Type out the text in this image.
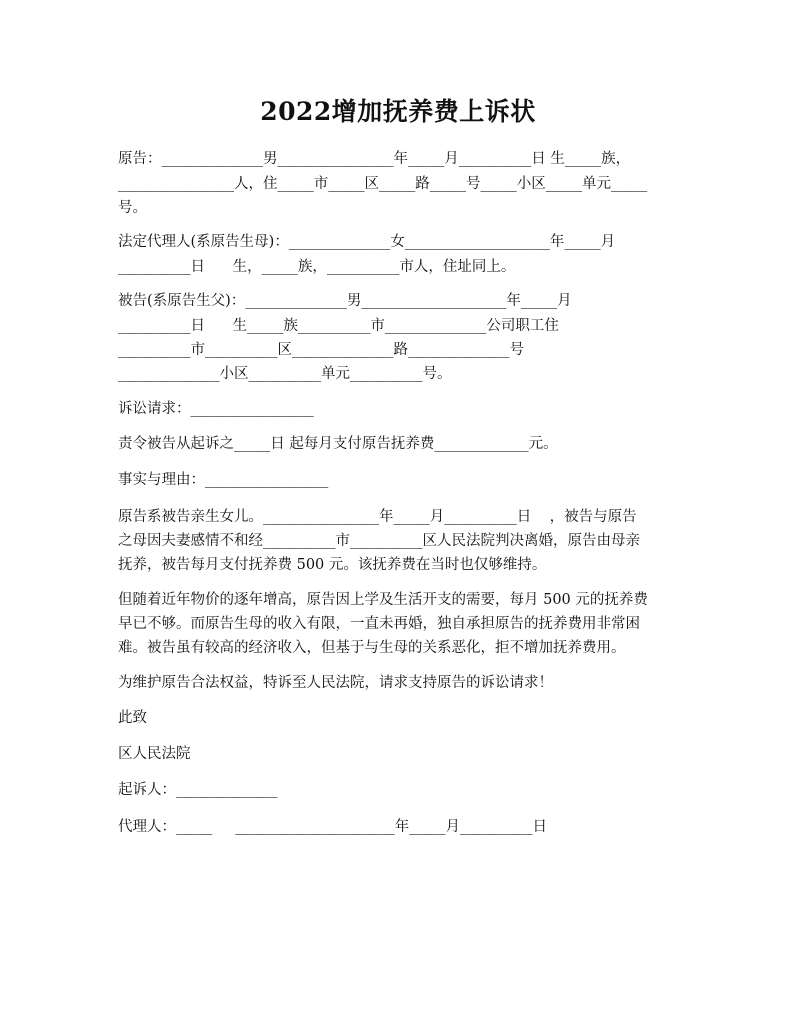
2022增加抚养费上诉状
原告：______________男________________年_____月__________日 生_____族，
________________人，住_____市_____区_____路_____号_____小区_____单元_____
号。
法定代理人(系原告生母)：______________女____________________年_____月
__________日      生，_____族，__________市人，住址同上。
被告(系原告生父)：______________男____________________年_____月
__________日      生_____族__________市______________公司职工住
__________市__________区______________路______________号
______________小区__________单元__________号。
诉讼请求：_________________
责令被告从起诉之_____日 起每月支付原告抚养费_____________元。
事实与理由：_________________
原告系被告亲生女儿。________________年_____月__________日    ，被告与原告
之母因夫妻感情不和经__________市__________区人民法院判决离婚，原告由母亲
抚养，被告每月支付抚养费 500 元。该抚养费在当时也仅够维持。
但随着近年物价的逐年增高，原告因上学及生活开支的需要，每月 500 元的抚养费
早已不够。而原告生母的收入有限，一直未再婚，独自承担原告的抚养费用非常困
难。被告虽有较高的经济收入，但基于与生母的关系恶化，拒不增加抚养费用。
为维护原告合法权益，特诉至人民法院，请求支持原告的诉讼请求！
此致
区人民法院
起诉人：______________
代理人：_____     ______________________年_____月__________日
